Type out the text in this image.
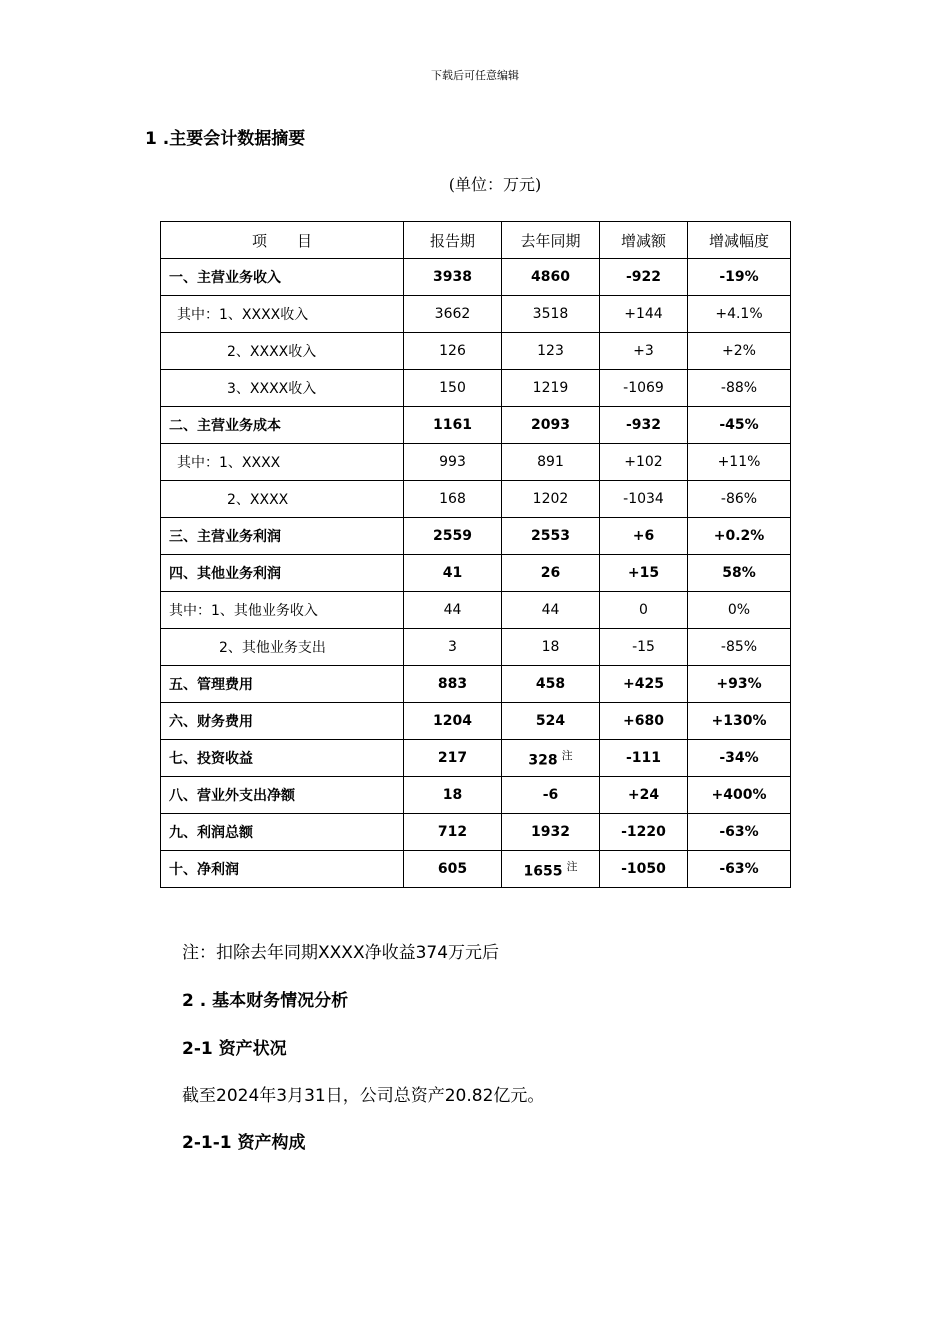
下载后可任意编辑
1 .主要会计数据摘要
(单位：万元)
项　　目	报告期	去年同期	增减额	增减幅度
一、主营业务收入	3938	4860	-922	-19%
其中：1、XXXX收入	3662	3518	+144	+4.1%
2、XXXX收入	126	123	+3	+2%
3、XXXX收入	150	1219	-1069	-88%
二、主营业务成本	1161	2093	-932	-45%
其中：1、XXXX	993	891	+102	+11%
2、XXXX	168	1202	-1034	-86%
三、主营业务利润	2559	2553	+6	+0.2%
四、其他业务利润	41	26	+15	58%
其中：1、其他业务收入	44	44	0	0%
2、其他业务支出	3	18	-15	-85%
五、管理费用	883	458	+425	+93%
六、财务费用	1204	524	+680	+130%
七、投资收益	217	328 $^注$	-111	-34%
八、营业外支出净额	18	-6	+24	+400%
九、利润总额	712	1932	-1220	-63%
十、净利润	605	1655 $^注$	-1050	-63%
注：扣除去年同期XXXX净收益374万元后
2 . 基本财务情况分析
2-1 资产状况
截至2024年3月31日，公司总资产20.82亿元。
2-1-1 资产构成
